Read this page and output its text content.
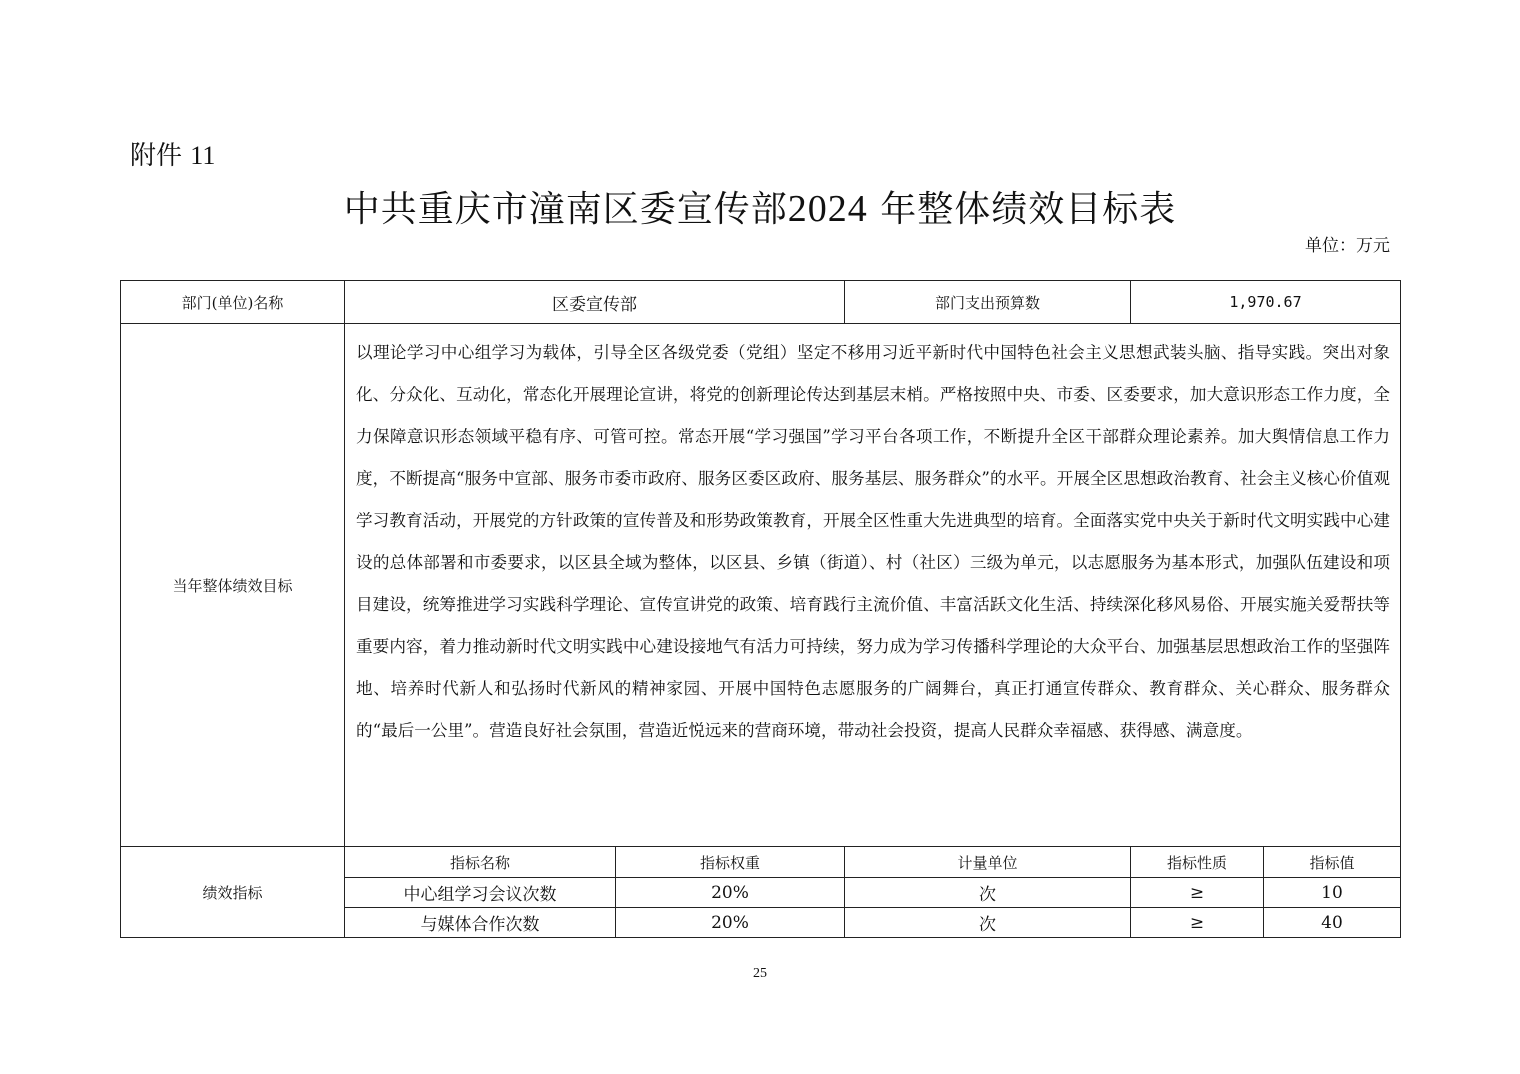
附件 11
中共重庆市潼南区委宣传部2024 年整体绩效目标表
单位：万元
部门(单位)名称	区委宣传部		部门支出预算数	1,970.67	
当年整体绩效目标	以理论学习中心组学习为载体，引导全区各级党委（党组）坚定不移用习近平新时代中国特色社会主义思想武装头脑、指导实践。突出对象化、分众化、互动化，常态化开展理论宣讲，将党的创新理论传达到基层末梢。严格按照中央、市委、区委要求，加大意识形态工作力度，全力保障意识形态领域平稳有序、可管可控。常态开展“学习强国”学习平台各项工作，不断提升全区干部群众理论素养。加大舆情信息工作力度，不断提高“服务中宣部、服务市委市政府、服务区委区政府、服务基层、服务群众”的水平。开展全区思想政治教育、社会主义核心价值观学习教育活动，开展党的方针政策的宣传普及和形势政策教育，开展全区性重大先进典型的培育。全面落实党中央关于新时代文明实践中心建设的总体部署和市委要求，以区县全域为整体，以区县、乡镇（街道）、村（社区）三级为单元，以志愿服务为基本形式，加强队伍建设和项目建设，统筹推进学习实践科学理论、宣传宣讲党的政策、培育践行主流价值、丰富活跃文化生活、持续深化移风易俗、开展实施关爱帮扶等重要内容，着力推动新时代文明实践中心建设接地气有活力可持续，努力成为学习传播科学理论的大众平台、加强基层思想政治工作的坚强阵地、培养时代新人和弘扬时代新风的精神家园、开展中国特色志愿服务的广阔舞台，真正打通宣传群众、教育群众、关心群众、服务群众的“最后一公里”。营造良好社会氛围，营造近悦远来的营商环境，带动社会投资，提高人民群众幸福感、获得感、满意度。				
绩效指标	指标名称	指标权重	计量单位	指标性质	指标值
	中心组学习会议次数	20%	次	≥	10
	与媒体合作次数	20%	次	≥	40
25
